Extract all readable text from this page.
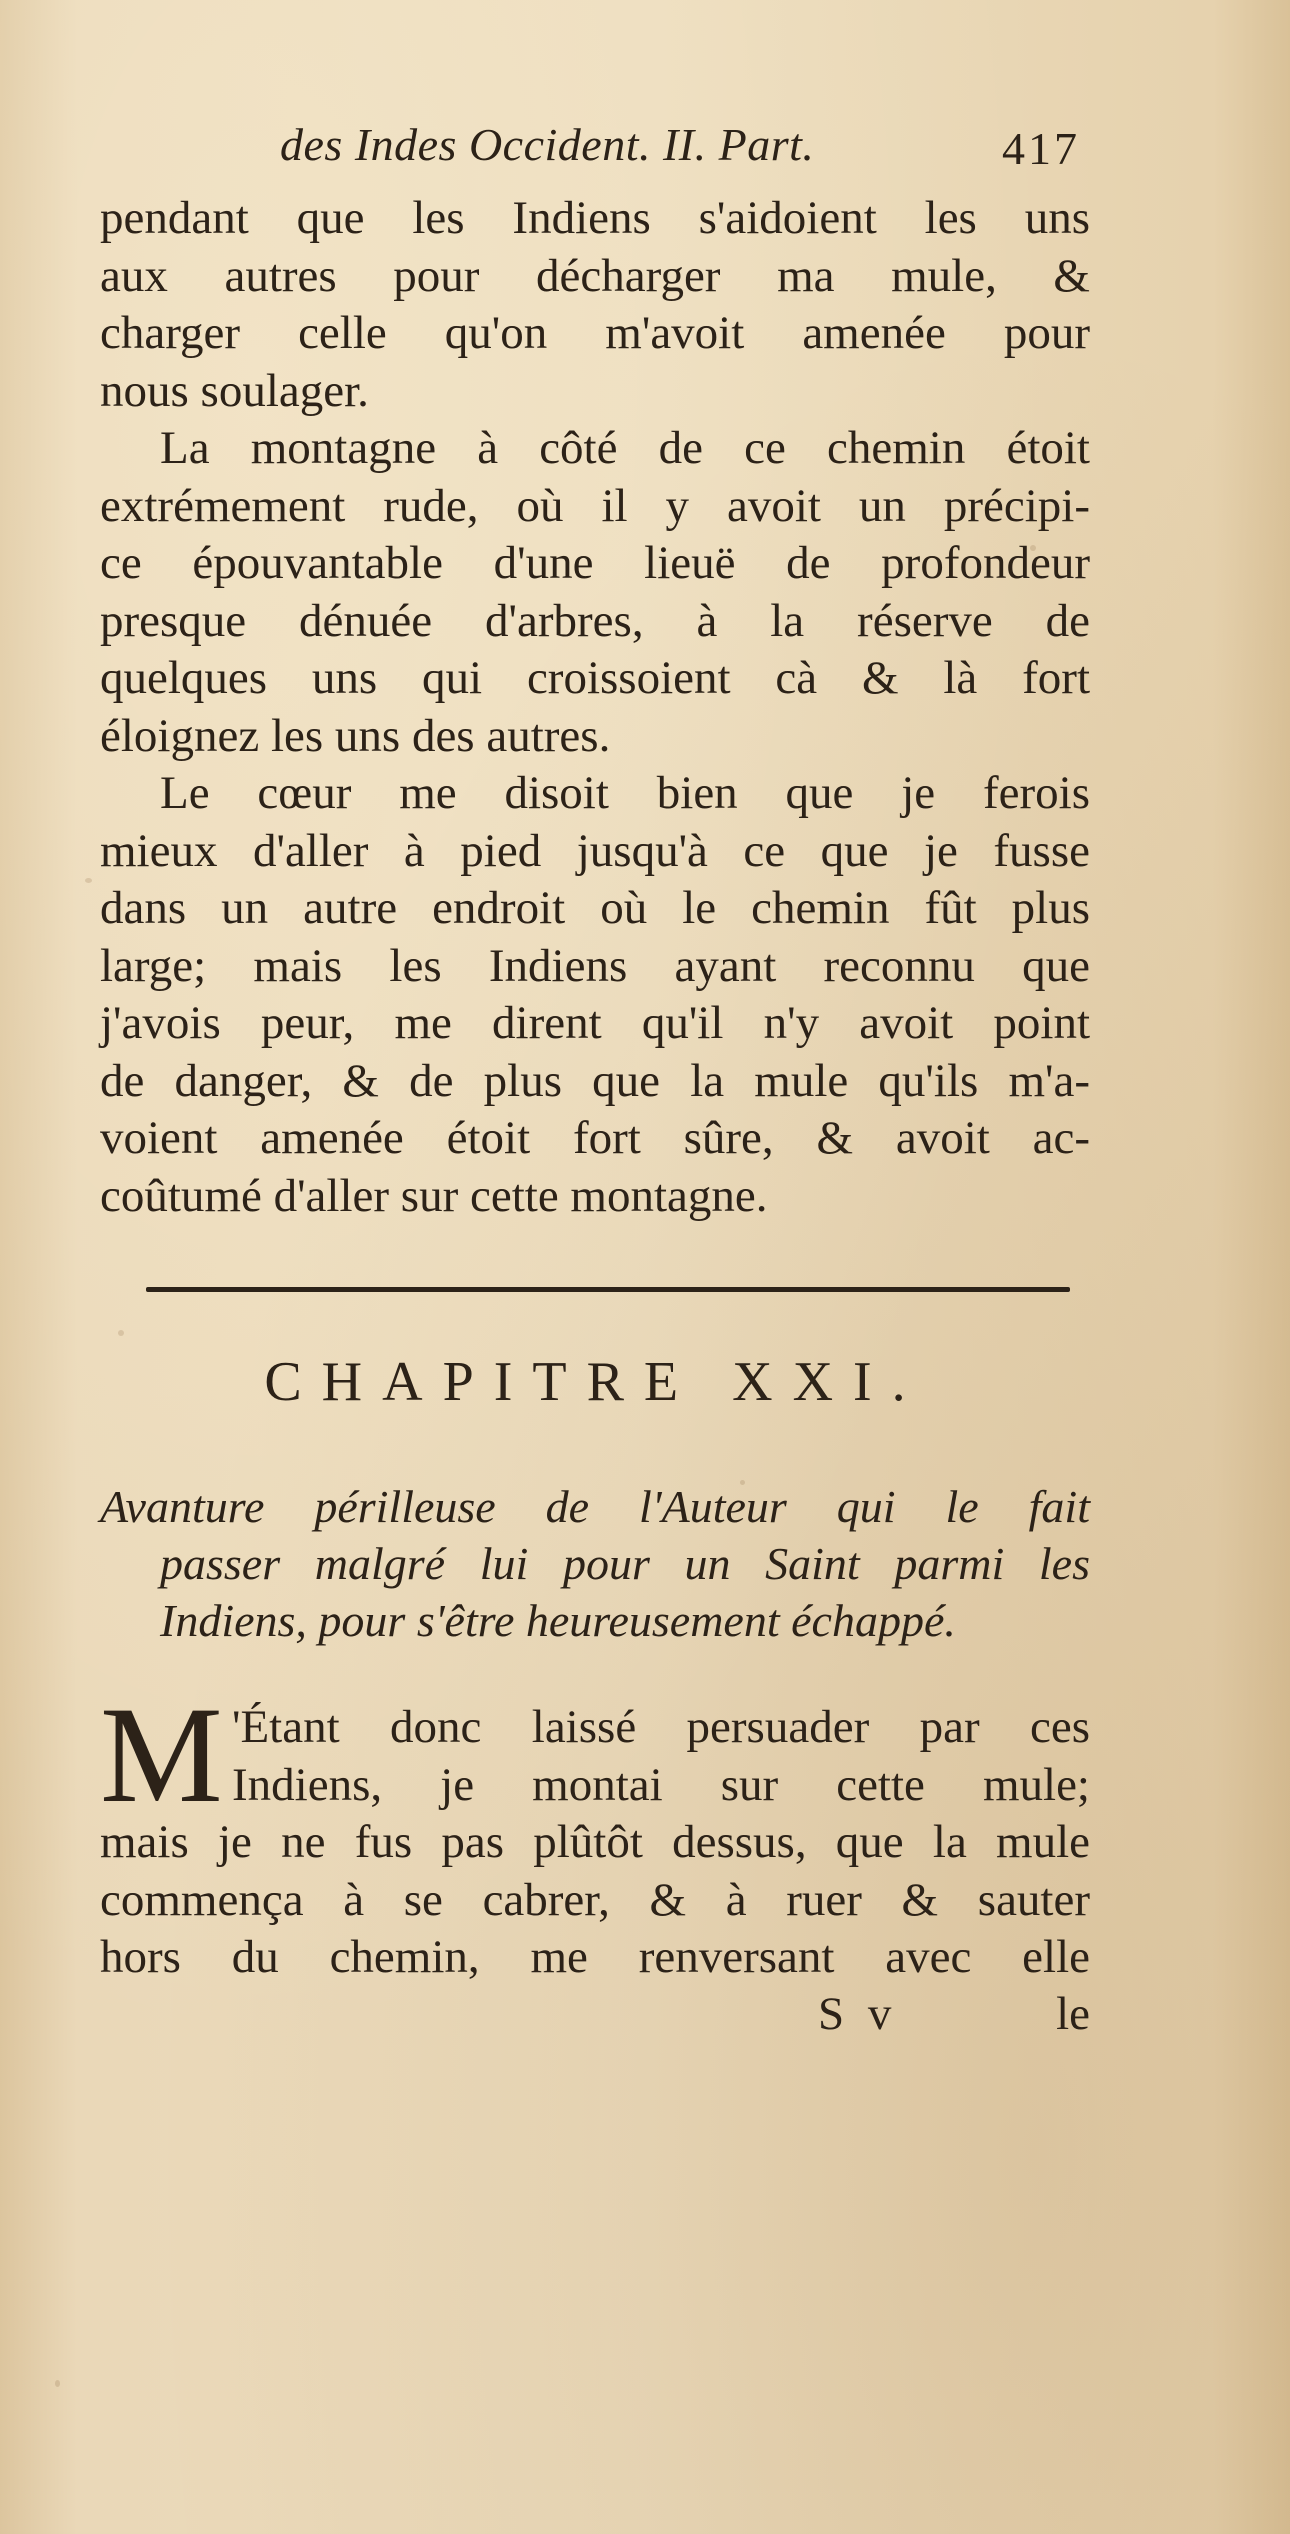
des Indes Occident. II. Part.	417
pendant que les Indiens s'aidoient les uns
aux autres pour décharger ma mule, &
charger celle qu'on m'avoit amenée pour
nous soulager.
La montagne à côté de ce chemin étoit
extrémement rude, où il y avoit un précipi-
ce épouvantable d'une lieuë de profondeur
presque dénuée d'arbres, à la réserve de
quelques uns qui croissoient cà & là fort
éloignez les uns des autres.
Le cœur me disoit bien que je ferois
mieux d'aller à pied jusqu'à ce que je fusse
dans un autre endroit où le chemin fût plus
large; mais les Indiens ayant reconnu que
j'avois peur, me dirent qu'il n'y avoit point
de danger, & de plus que la mule qu'ils m'a-
voient amenée étoit fort sûre, & avoit ac-
coûtumé d'aller sur cette montagne.
CHAPITRE XXI.
Avanture périlleuse de l'Auteur qui le fait
passer malgré lui pour un Saint parmi les
Indiens, pour s'être heureusement échappé.
M 'Étant donc laissé persuader par ces
Indiens, je montai sur cette mule;
mais je ne fus pas plûtôt dessus, que la mule
commença à se cabrer, & à ruer & sauter
hors du chemin, me renversant avec elle
S v	le
